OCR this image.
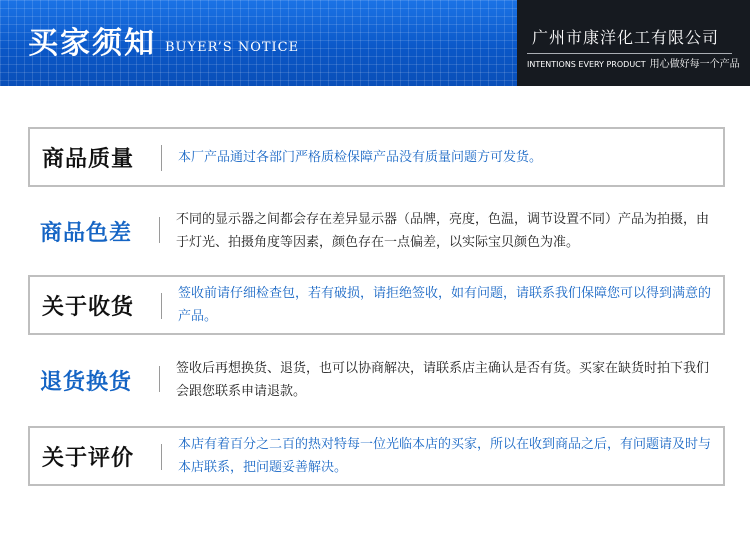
买家须知 BUYER’S NOTICE
广州市康洋化工有限公司
INTENTIONS EVERY PRODUCT 用心做好每一个产品
商品质量	本厂产品通过各部门严格质检保障产品没有质量问题方可发货。
商品色差
不同的显示器之间都会存在差异显示器（品牌，亮度，色温，调节设置不同）产品为拍摄，由于灯光、拍摄角度等因素，颜色存在一点偏差，以实际宝贝颜色为准。
关于收货
签收前请仔细检查包，若有破损，请拒绝签收，如有问题，请联系我们保障您可以得到满意的产品。
退货换货
签收后再想换货、退货，也可以协商解决，请联系店主确认是否有货。买家在缺货时拍下我们会跟您联系申请退款。
关于评价
本店有着百分之二百的热对特每一位光临本店的买家，所以在收到商品之后，有问题请及时与本店联系，把问题妥善解决。
